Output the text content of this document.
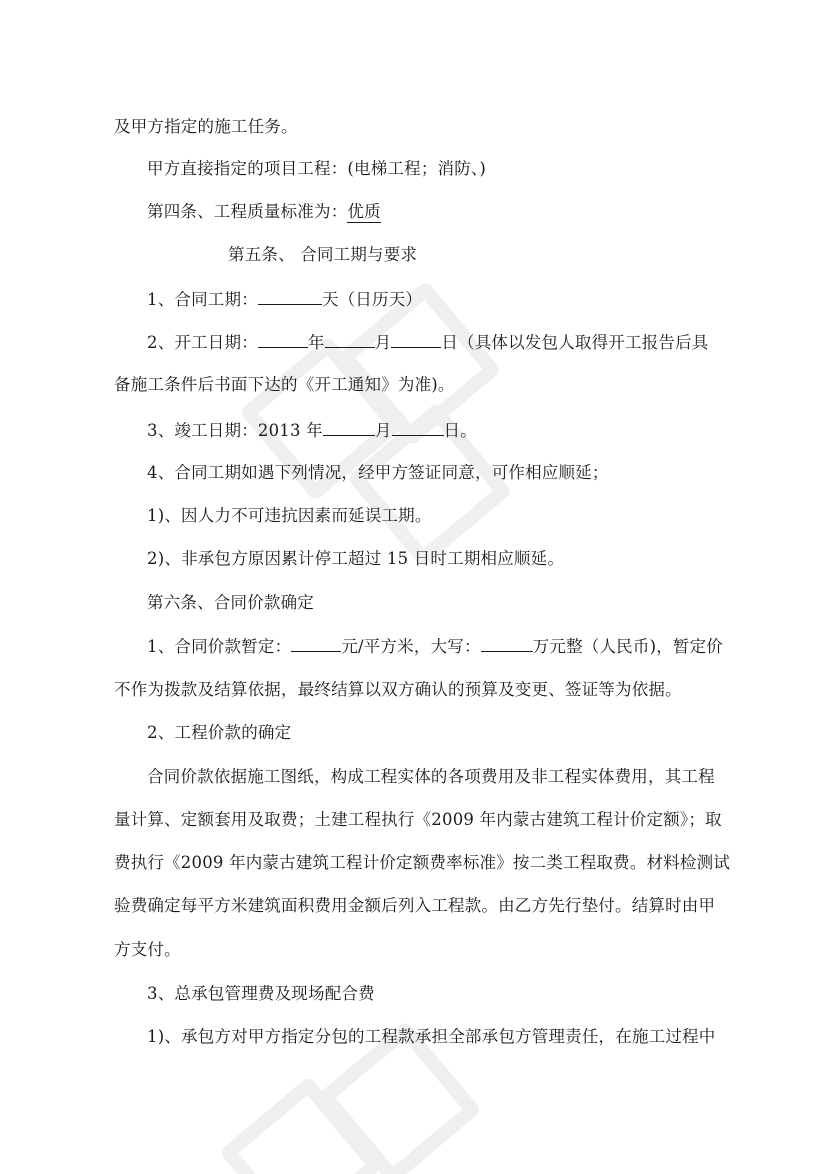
及甲方指定的施工任务。
甲方直接指定的项目工程：(电梯工程；消防、)
第四条、工程质量标准为：优质
第五条、 合同工期与要求
1、合同工期：	天（日历天）
2、开工日期：	年	月	日（具体以发包人取得开工报告后具
备施工条件后书面下达的《开工通知》为准)。
3、竣工日期：2013 年	月	日。
4、合同工期如遇下列情况，经甲方签证同意，可作相应顺延；
1)、因人力不可违抗因素而延误工期。
2)、非承包方原因累计停工超过 15 日时工期相应顺延。
第六条、合同价款确定
1、合同价款暂定：	元/平方米，大写：	万元整（人民币)，暂定价
不作为拨款及结算依据，最终结算以双方确认的预算及变更、签证等为依据。
2、工程价款的确定
合同价款依据施工图纸，构成工程实体的各项费用及非工程实体费用，其工程
量计算、定额套用及取费；土建工程执行《2009 年内蒙古建筑工程计价定额》；取
费执行《2009 年内蒙古建筑工程计价定额费率标准》按二类工程取费。材料检测试
验费确定每平方米建筑面积费用金额后列入工程款。由乙方先行垫付。结算时由甲
方支付。
3、总承包管理费及现场配合费
1)、承包方对甲方指定分包的工程款承担全部承包方管理责任，在施工过程中
